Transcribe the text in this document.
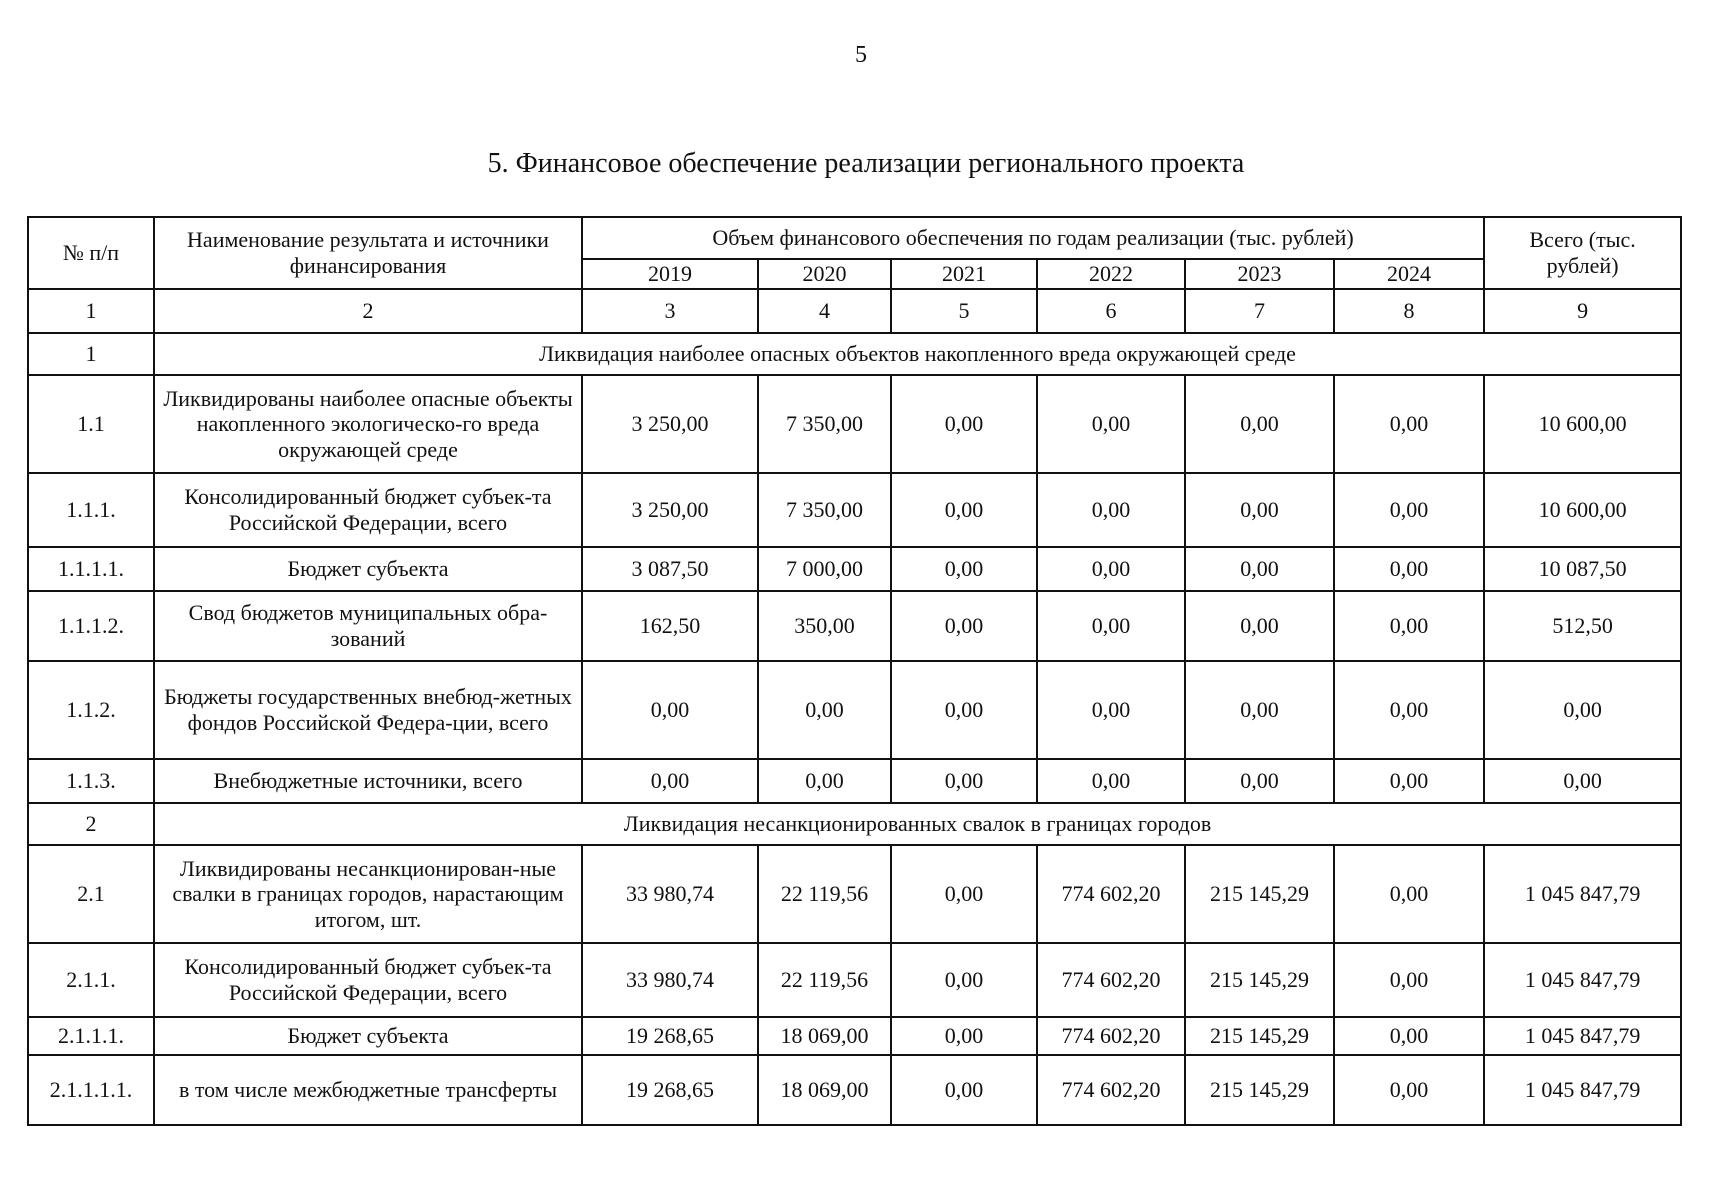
5
5. Финансовое обеспечение реализации регионального проекта
№ п/п	Наименование результата и источники финансирования	Объем финансового обеспечения по годам реализации (тыс. рублей)						Всего (тыс. рублей)
		2019	2020	2021	2022	2023	2024	
1	2	3	4	5	6	7	8	9
1	Ликвидация наиболее опасных объектов накопленного вреда окружающей среде							
1.1	Ликвидированы наиболее опасные объекты накопленного экологическо-го вреда окружающей среде	3 250,00	7 350,00	0,00	0,00	0,00	0,00	10 600,00
1.1.1.	Консолидированный бюджет субъек-та Российской Федерации, всего	3 250,00	7 350,00	0,00	0,00	0,00	0,00	10 600,00
1.1.1.1.	Бюджет субъекта	3 087,50	7 000,00	0,00	0,00	0,00	0,00	10 087,50
1.1.1.2.	Свод бюджетов муниципальных обра-зований	162,50	350,00	0,00	0,00	0,00	0,00	512,50
1.1.2.	Бюджеты государственных внебюд-жетных фондов Российской Федера-ции, всего	0,00	0,00	0,00	0,00	0,00	0,00	0,00
1.1.3.	Внебюджетные источники, всего	0,00	0,00	0,00	0,00	0,00	0,00	0,00
2	Ликвидация несанкционированных свалок в границах городов							
2.1	Ликвидированы несанкционирован-ные свалки в границах городов, нарастающим итогом, шт.	33 980,74	22 119,56	0,00	774 602,20	215 145,29	0,00	1 045 847,79
2.1.1.	Консолидированный бюджет субъек-та Российской Федерации, всего	33 980,74	22 119,56	0,00	774 602,20	215 145,29	0,00	1 045 847,79
2.1.1.1.	Бюджет субъекта	19 268,65	18 069,00	0,00	774 602,20	215 145,29	0,00	1 045 847,79
2.1.1.1.1.	в том числе межбюджетные трансферты	19 268,65	18 069,00	0,00	774 602,20	215 145,29	0,00	1 045 847,79
